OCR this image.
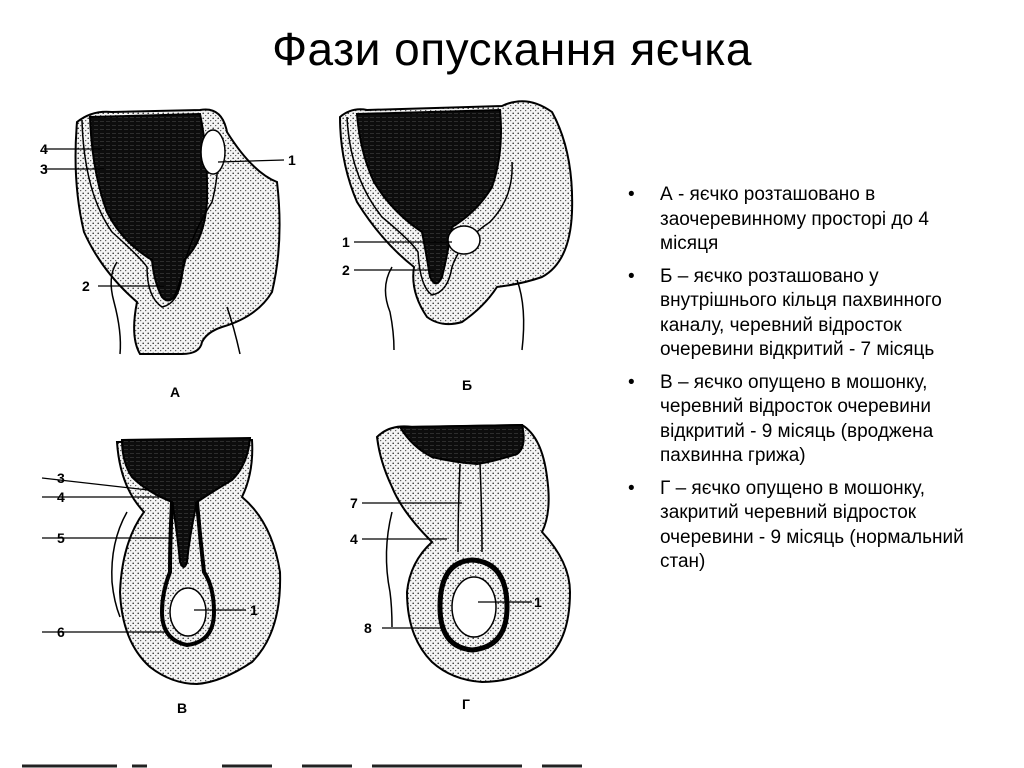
Фази опускання яєчка
4
3
1
2
А
1
2
Б
3
4
5
1
6
В
7
4
1
8
Г
• А - яєчко розташовано в заочеревинному просторі до 4 місяця
• Б – яєчко розташовано у внутрішнього кільця пахвинного каналу, черевний відросток очеревини відкритий - 7 місяць
• В – яєчко опущено в мошонку, черевний відросток очеревини відкритий - 9 місяць (вроджена пахвинна грижа)
• Г – яєчко опущено в мошонку, закритий черевний відросток очеревини - 9 місяць (нормальний стан)
